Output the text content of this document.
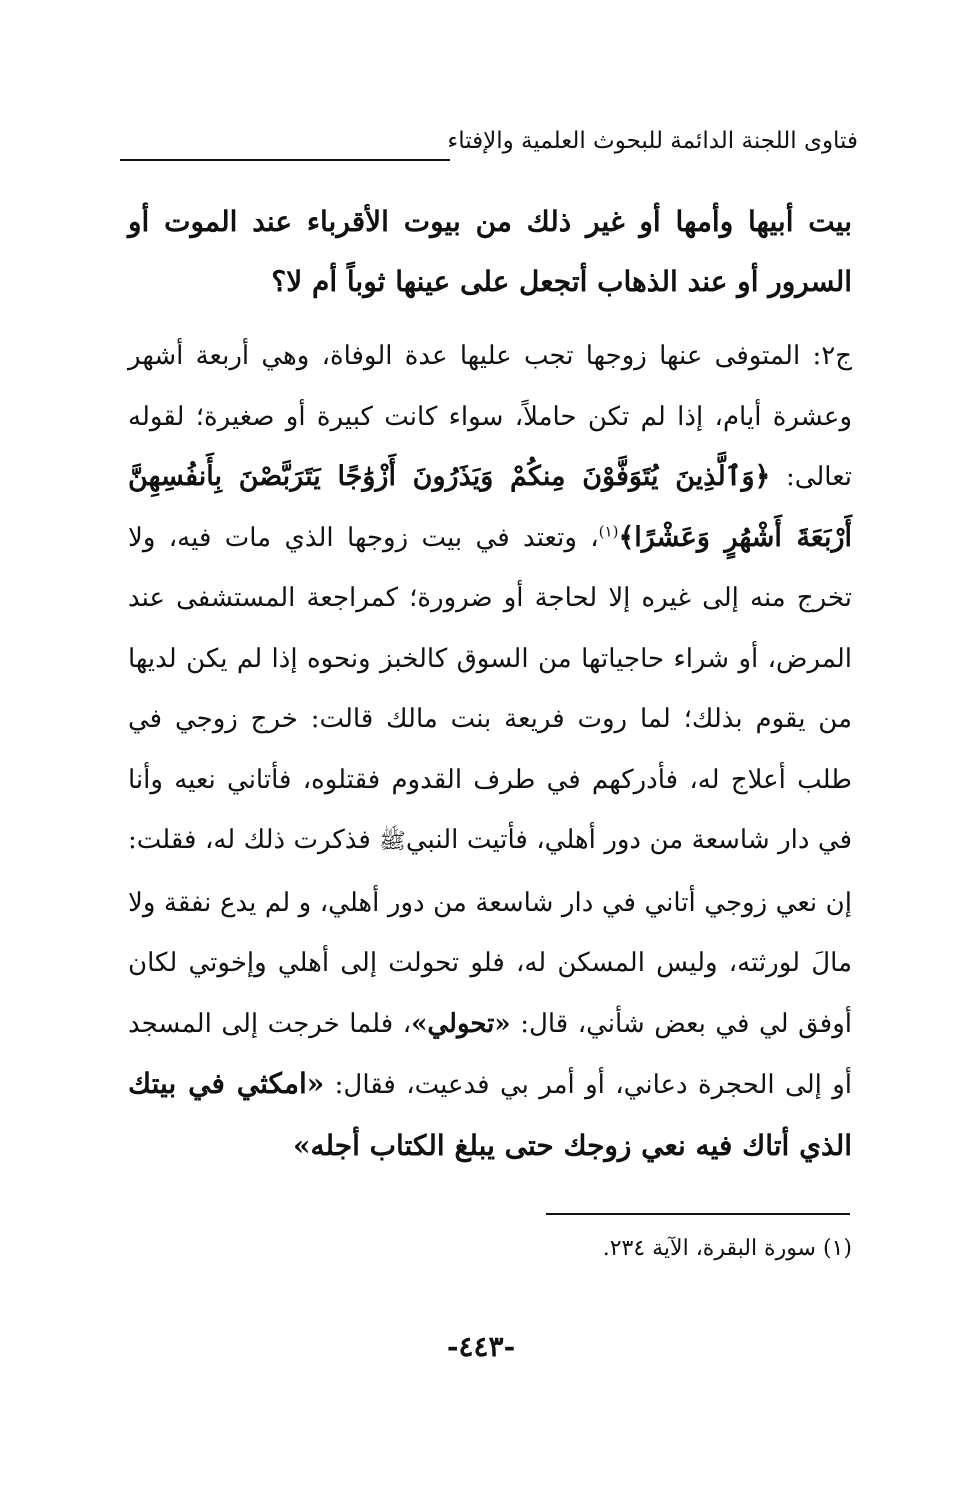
فتاوى اللجنة الدائمة للبحوث العلمية والإفتاء
بيت أبيها وأمها أو غير ذلك من بيوت الأقرباء عند الموت أو السرور أو عند الذهاب أتجعل على عينها ثوباً أم لا؟
ج٢: المتوفى عنها زوجها تجب عليها عدة الوفاة، وهي أربعة أشهر وعشرة أيام، إذا لم تكن حاملاً، سواء كانت كبيرة أو صغيرة؛ لقوله تعالى: ﴿وَٱلَّذِينَ يُتَوَفَّوْنَ مِنكُمْ وَيَذَرُونَ أَزْوَٰجًا يَتَرَبَّصْنَ بِأَنفُسِهِنَّ أَرْبَعَةَ أَشْهُرٍ وَعَشْرًا﴾$^{(١)}$، وتعتد في بيت زوجها الذي مات فيه، ولا تخرج منه إلى غيره إلا لحاجة أو ضرورة؛ كمراجعة المستشفى عند المرض، أو شراء حاجياتها من السوق كالخبز ونحوه إذا لم يكن لديها من يقوم بذلك؛ لما روت فريعة بنت مالك قالت: خرج زوجي في طلب أعلاج له، فأدركهم في طرف القدوم فقتلوه، فأتاني نعيه وأنا في دار شاسعة من دور أهلي، فأتيت النبيﷺ فذكرت ذلك له، فقلت: إن نعي زوجي أتاني في دار شاسعة من دور أهلي، و لم يدع نفقة ولا مالَ لورثته، وليس المسكن له، فلو تحولت إلى أهلي وإخوتي لكان أوفق لي في بعض شأني، قال: «تحولي»، فلما خرجت إلى المسجد أو إلى الحجرة دعاني، أو أمر بي فدعيت، فقال: «امكثي في بيتك الذي أتاك فيه نعي زوجك حتى يبلغ الكتاب أجله»
(١) سورة البقرة، الآية ٢٣٤.
-٤٤٣-
